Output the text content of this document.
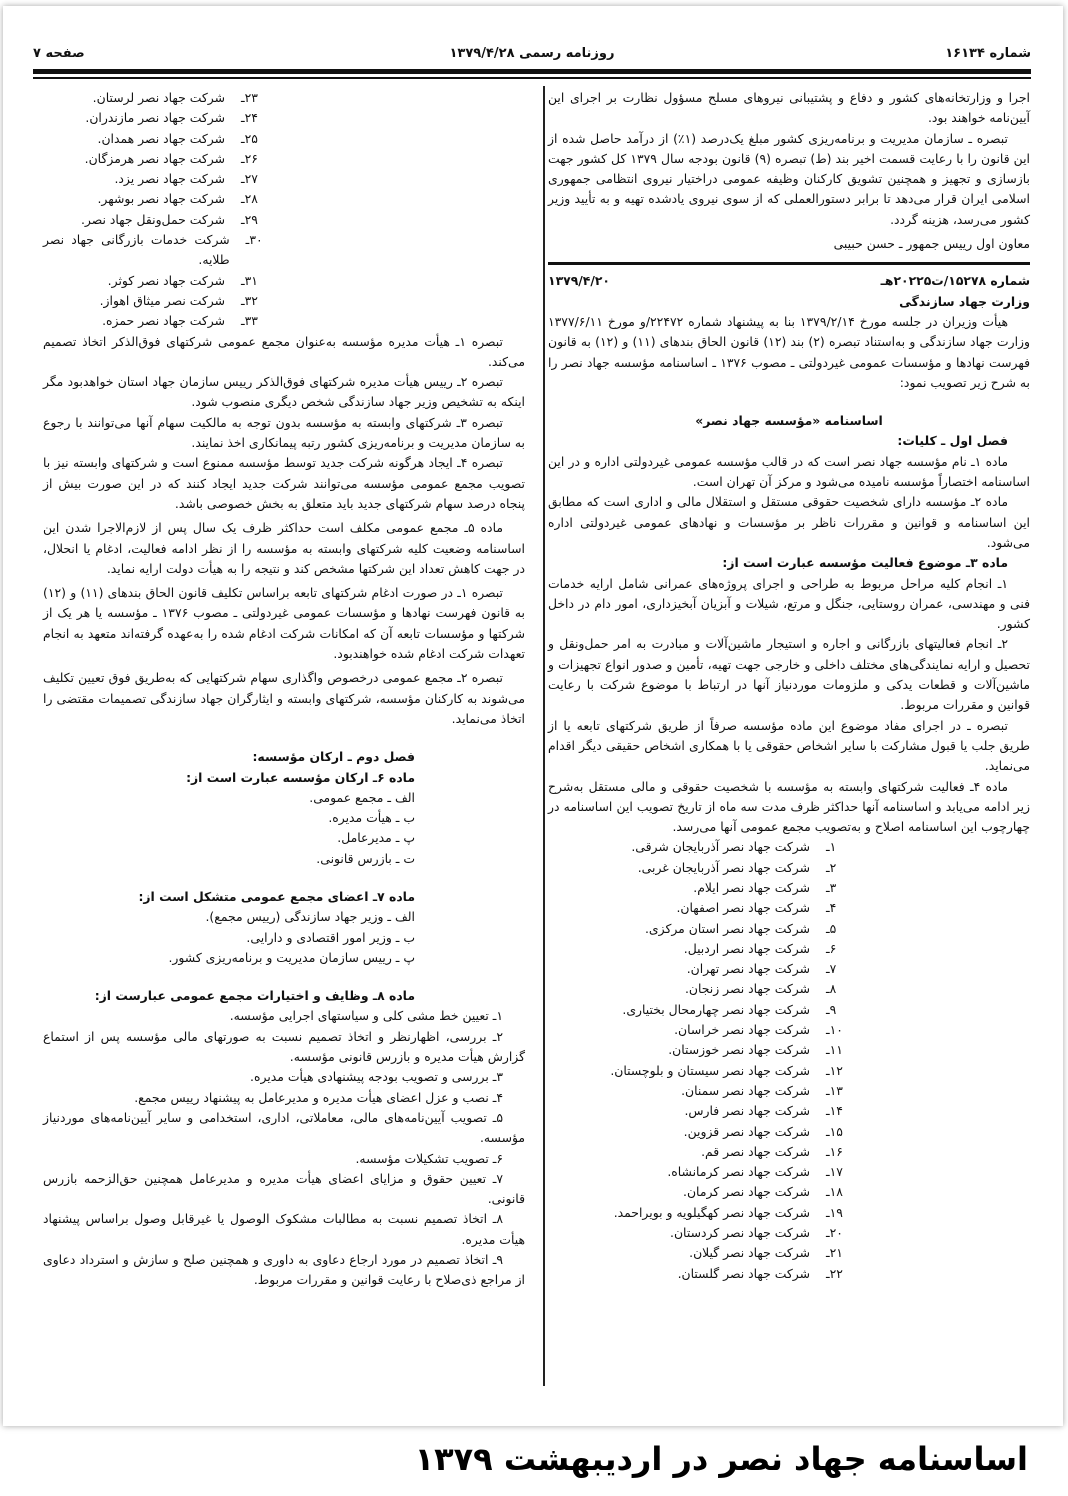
شماره ۱۶۱۳۴
روزنامه رسمی ۱۳۷۹/۴/۲۸
صفحه ۷

اجرا و وزارتخانه‌های کشور و دفاع و پشتیبانی نیروهای مسلح مسؤول نظارت بر اجرای این آیین‌نامه خواهند بود.

تبصره ـ سازمان مدیریت و برنامه‌ریزی کشور مبلغ یک‌درصد (۱٪) از درآمد حاصل شده از این قانون را با رعایت قسمت اخیر بند (ط) تبصره (۹) قانون بودجه سال ۱۳۷۹ کل کشور جهت بازسازی و تجهیز و همچنین تشویق کارکنان وظیفه عمومی دراختیار نیروی انتظامی جمهوری اسلامی ایران قرار می‌دهد تا برابر دستورالعملی که از سوی نیروی یادشده تهیه و به تأیید وزیر کشور می‌رسد، هزینه گردد.

معاون اول رییس جمهور ـ حسن حبیبی

شماره ۱۵۲۷۸/ت۲۰۲۲۵هـ
۱۳۷۹/۴/۲۰

وزارت جهاد سازندگی

هیأت وزیران در جلسه مورخ ۱۳۷۹/۲/۱۴ بنا به پیشنهاد شماره ۲۲۴۷۲/و مورخ ۱۳۷۷/۶/۱۱ وزارت جهاد سازندگی و به‌استناد تبصره (۲) بند (۱۲) قانون الحاق بندهای (۱۱) و (۱۲) به قانون فهرست نهادها و مؤسسات عمومی غیردولتی ـ مصوب ۱۳۷۶ ـ اساسنامه مؤسسه جهاد نصر را به شرح زیر تصویب نمود:

اساسنامه «مؤسسه جهاد نصر»

فصل اول ـ کلیات:

ماده ۱ـ نام مؤسسه جهاد نصر است که در قالب مؤسسه عمومی غیردولتی اداره و در این اساسنامه اختصاراً مؤسسه نامیده می‌شود و مرکز آن تهران است.

ماده ۲ـ مؤسسه دارای شخصیت حقوقی مستقل و استقلال مالی و اداری است که مطابق این اساسنامه و قوانین و مقررات ناظر بر مؤسسات و نهادهای عمومی غیردولتی اداره می‌شود.

ماده ۳ـ موضوع فعالیت مؤسسه عبارت است از:

۱ـ انجام کلیه مراحل مربوط به طراحی و اجرای پروژه‌های عمرانی شامل ارایه خدمات فنی و مهندسی، عمران روستایی، جنگل و مرتع، شیلات و آبزیان آبخیزداری، امور دام در داخل کشور.

۲ـ انجام فعالیتهای بازرگانی و اجاره و استیجار ماشین‌آلات و مبادرت به امر حمل‌ونقل و تحصیل و ارایه نمایندگی‌های مختلف داخلی و خارجی جهت تهیه، تأمین و صدور انواع تجهیزات و ماشین‌آلات و قطعات یدکی و ملزومات موردنیاز آنها در ارتباط با موضوع شرکت با رعایت قوانین و مقررات مربوط.

تبصره ـ در اجرای مفاد موضوع این ماده مؤسسه صرفاً از طریق شرکتهای تابعه یا از طریق جلب یا قبول مشارکت با سایر اشخاص حقوقی یا با همکاری اشخاص حقیقی دیگر اقدام می‌نماید.

ماده ۴ـ فعالیت شرکتهای وابسته به مؤسسه با شخصیت حقوقی و مالی مستقل به‌شرح زیر ادامه می‌یابد و اساسنامه آنها حداکثر ظرف مدت سه ماه از تاریخ تصویب این اساسنامه در چهارچوب این اساسنامه اصلاح و به‌تصویب مجمع عمومی آنها می‌رسد.

۱ـ
شرکت جهاد نصر آذربایجان شرقی.
۲ـ
شرکت جهاد نصر آذربایجان غربی.
۳ـ
شرکت جهاد نصر ایلام.
۴ـ
شرکت جهاد نصر اصفهان.
۵ـ
شرکت جهاد نصر استان مرکزی.
۶ـ
شرکت جهاد نصر اردبیل.
۷ـ
شرکت جهاد نصر تهران.
۸ـ
شرکت جهاد نصر زنجان.
۹ـ
شرکت جهاد نصر چهارمحال بختیاری.
۱۰ـ
شرکت جهاد نصر خراسان.
۱۱ـ
شرکت جهاد نصر خوزستان.
۱۲ـ
شرکت جهاد نصر سیستان و بلوچستان.
۱۳ـ
شرکت جهاد نصر سمنان.
۱۴ـ
شرکت جهاد نصر فارس.
۱۵ـ
شرکت جهاد نصر قزوین.
۱۶ـ
شرکت جهاد نصر قم.
۱۷ـ
شرکت جهاد نصر کرمانشاه.
۱۸ـ
شرکت جهاد نصر کرمان.
۱۹ـ
شرکت جهاد نصر کهگیلویه و بویراحمد.
۲۰ـ
شرکت جهاد نصر کردستان.
۲۱ـ
شرکت جهاد نصر گیلان.
۲۲ـ
شرکت جهاد نصر گلستان.
۲۳ـ
شرکت جهاد نصر لرستان.
۲۴ـ
شرکت جهاد نصر مازندران.
۲۵ـ
شرکت جهاد نصر همدان.
۲۶ـ
شرکت جهاد نصر هرمزگان.
۲۷ـ
شرکت جهاد نصر یزد.
۲۸ـ
شرکت جهاد نصر بوشهر.
۲۹ـ
شرکت حمل‌ونقل جهاد نصر.
۳۰ـ
شرکت خدمات بازرگانی جهاد نصر طلایه.
۳۱ـ
شرکت جهاد نصر کوثر.
۳۲ـ
شرکت نصر میثاق اهواز.
۳۳ـ
شرکت جهاد نصر حمزه.

تبصره ۱ـ هیأت مدیره مؤسسه به‌عنوان مجمع عمومی شرکتهای فوق‌الذکر اتخاذ تصمیم می‌کند.

تبصره ۲ـ رییس هیأت مدیره شرکتهای فوق‌الذکر رییس سازمان جهاد استان خواهدبود مگر اینکه به تشخیص وزیر جهاد سازندگی شخص دیگری منصوب شود.

تبصره ۳ـ شرکتهای وابسته به مؤسسه بدون توجه به مالکیت سهام آنها می‌توانند با رجوع به سازمان مدیریت و برنامه‌ریزی کشور رتبه پیمانکاری اخذ نمایند.

تبصره ۴ـ ایجاد هرگونه شرکت جدید توسط مؤسسه ممنوع است و شرکتهای وابسته نیز با تصویب مجمع عمومی مؤسسه می‌توانند شرکت جدید ایجاد کنند که در این صورت بیش از پنجاه درصد سهام شرکتهای جدید باید متعلق به بخش خصوصی باشد.

ماده ۵ـ مجمع عمومی مکلف است حداکثر ظرف یک سال پس از لازم‌الاجرا شدن این اساسنامه وضعیت کلیه شرکتهای وابسته به مؤسسه را از نظر ادامه فعالیت، ادغام یا انحلال، در جهت کاهش تعداد این شرکتها مشخص کند و نتیجه را به هیأت دولت ارایه نماید.

تبصره ۱ـ در صورت ادغام شرکتهای تابعه براساس تکلیف قانون الحاق بندهای (۱۱) و (۱۲) به قانون فهرست نهادها و مؤسسات عمومی غیردولتی ـ مصوب ۱۳۷۶ ـ مؤسسه یا هر یک از شرکتها و مؤسسات تابعه آن که امکانات شرکت ادغام شده را به‌عهده گرفته‌اند متعهد به انجام تعهدات شرکت ادغام شده خواهندبود.

تبصره ۲ـ مجمع عمومی درخصوص واگذاری سهام شرکتهایی که به‌طریق فوق تعیین تکلیف می‌شوند به کارکنان مؤسسه، شرکتهای وابسته و ایثارگران جهاد سازندگی تصمیمات مقتضی را اتخاذ می‌نماید.

فصل دوم ـ ارکان مؤسسه:

ماده ۶ـ ارکان مؤسسه عبارت است از:

الف ـ مجمع عمومی.

ب ـ هیأت مدیره.

پ ـ مدیرعامل.

ت ـ بازرس قانونی.

ماده ۷ـ اعضای مجمع عمومی متشکل است از:

الف ـ وزیر جهاد سازندگی (رییس مجمع).

ب ـ وزیر امور اقتصادی و دارایی.

پ ـ رییس سازمان مدیریت و برنامه‌ریزی کشور.

ماده ۸ـ وظایف و اختیارات مجمع عمومی عبارست از:

۱ـ تعیین خط مشی کلی و سیاستهای اجرایی مؤسسه.

۲ـ بررسی، اظهارنظر و اتخاذ تصمیم نسبت به صورتهای مالی مؤسسه پس از استماع گزارش هیأت مدیره و بازرس قانونی مؤسسه.

۳ـ بررسی و تصویب بودجه پیشنهادی هیأت مدیره.

۴ـ نصب و عزل اعضای هیأت مدیره و مدیرعامل به پیشنهاد رییس مجمع.

۵ـ تصویب آیین‌نامه‌های مالی، معاملاتی، اداری، استخدامی و سایر آیین‌نامه‌های موردنیاز مؤسسه.

۶ـ تصویب تشکیلات مؤسسه.

۷ـ تعیین حقوق و مزایای اعضای هیأت مدیره و مدیرعامل همچنین حق‌الزحمه بازرس قانونی.

۸ـ اتخاذ تصمیم نسبت به مطالبات مشکوک الوصول یا غیرقابل وصول براساس پیشنهاد هیأت مدیره.

۹ـ اتخاذ تصمیم در مورد ارجاع دعاوی به داوری و همچنین صلح و سازش و استرداد دعاوی از مراجع ذی‌صلاح با رعایت قوانین و مقررات مربوط.

اساسنامه جهاد نصر در اردیبهشت ۱۳۷۹
